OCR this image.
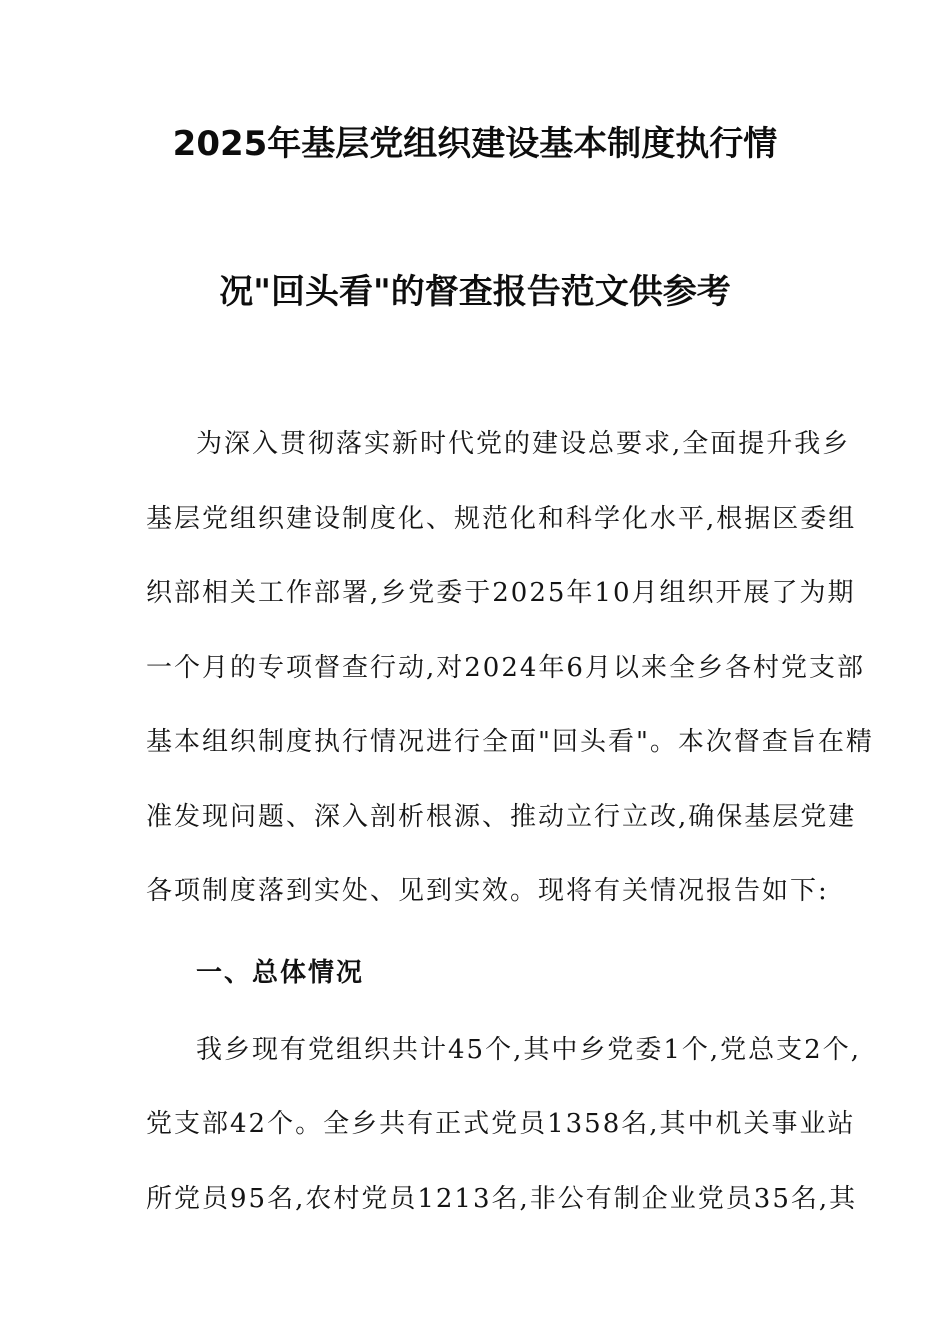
2025年基层党组织建设基本制度执行情
况"回头看"的督查报告范文供参考
为深入贯彻落实新时代党的建设总要求,全面提升我乡
基层党组织建设制度化、规范化和科学化水平,根据区委组
织部相关工作部署,乡党委于2025年10月组织开展了为期
一个月的专项督查行动,对2024年6月以来全乡各村党支部
基本组织制度执行情况进行全面"回头看"。本次督查旨在精
准发现问题、深入剖析根源、推动立行立改,确保基层党建
各项制度落到实处、见到实效。现将有关情况报告如下:
一、总体情况
我乡现有党组织共计45个,其中乡党委1个,党总支2个,
党支部42个。全乡共有正式党员1358名,其中机关事业站
所党员95名,农村党员1213名,非公有制企业党员35名,其
